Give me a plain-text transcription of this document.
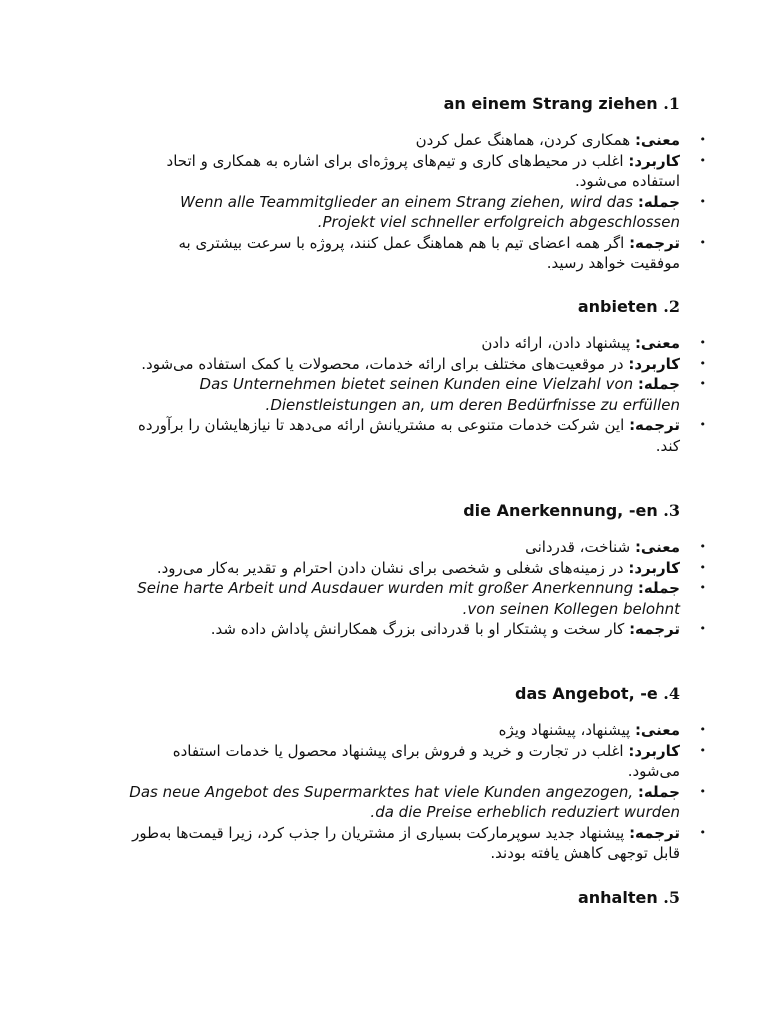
1. an einem Strang ziehen
•
معنی: همکاری کردن، هماهنگ عمل کردن
•
کاربرد: اغلب در محیط‌های کاری و تیم‌های پروژه‌ای برای اشاره به همکاری و اتحاد استفاده می‌شود.
•
جمله: Wenn alle Teammitglieder an einem Strang ziehen, wird das Projekt viel schneller erfolgreich abgeschlossen.
•
ترجمه: اگر همه اعضای تیم با هم هماهنگ عمل کنند، پروژه با سرعت بیشتری به موفقیت خواهد رسید.
2. anbieten
•
معنی: پیشنهاد دادن، ارائه دادن
•
کاربرد: در موقعیت‌های مختلف برای ارائه خدمات، محصولات یا کمک استفاده می‌شود.
•
جمله: Das Unternehmen bietet seinen Kunden eine Vielzahl von Dienstleistungen an, um deren Bedürfnisse zu erfüllen.
•
ترجمه: این شرکت خدمات متنوعی به مشتریانش ارائه می‌دهد تا نیازهایشان را برآورده کند.
3. die Anerkennung, -en
•
معنی: شناخت، قدردانی
•
کاربرد: در زمینه‌های شغلی و شخصی برای نشان دادن احترام و تقدیر به‌کار می‌رود.
•
جمله: Seine harte Arbeit und Ausdauer wurden mit großer Anerkennung von seinen Kollegen belohnt.
•
ترجمه: کار سخت و پشتکار او با قدردانی بزرگ همکارانش پاداش داده شد.
4. das Angebot, -e
•
معنی: پیشنهاد، پیشنهاد ویژه
•
کاربرد: اغلب در تجارت و خرید و فروش برای پیشنهاد محصول یا خدمات استفاده می‌شود.
•
جمله: Das neue Angebot des Supermarktes hat viele Kunden angezogen, da die Preise erheblich reduziert wurden.
•
ترجمه: پیشنهاد جدید سوپرمارکت بسیاری از مشتریان را جذب کرد، زیرا قیمت‌ها به‌طور قابل توجهی کاهش یافته بودند.
5. anhalten
